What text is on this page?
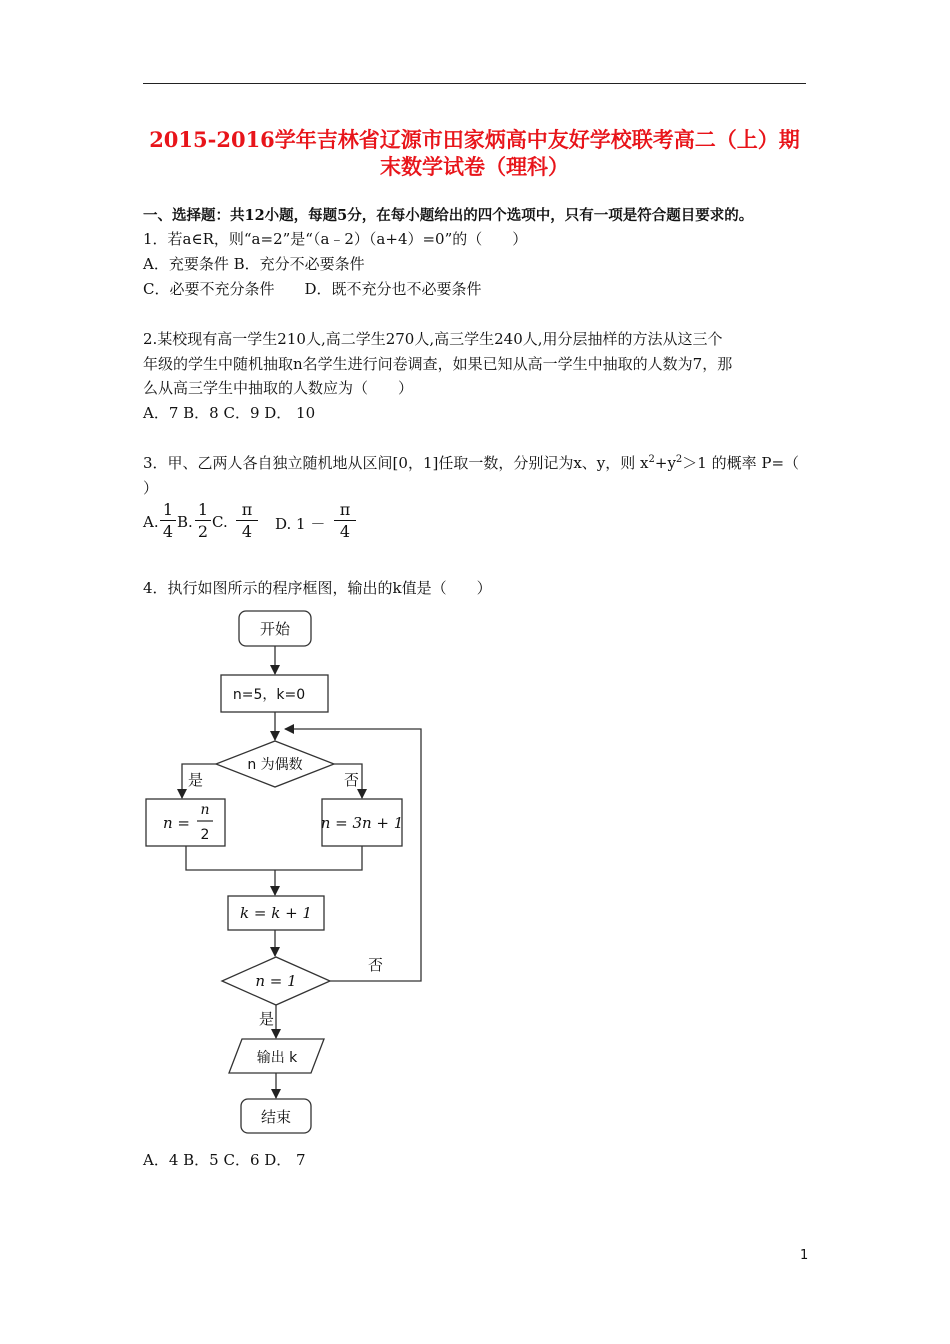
2015-2016学年吉林省辽源市田家炳高中友好学校联考高二（上）期
末数学试卷（理科）
一、选择题：共12小题，每题5分，在每小题给出的四个选项中，只有一项是符合题目要求的。
1．若a∈R，则“a=2”是“（a﹣2）（a+4）=0”的（　　）
A．充要条件 B．充分不必要条件
C．必要不充分条件　　D．既不充分也不必要条件
2.某校现有高一学生210人,高二学生270人,高三学生240人,用分层抽样的方法从这三个
年级的学生中随机抽取n名学生进行问卷调查，如果已知从高一学生中抽取的人数为7，那
么从高三学生中抽取的人数应为（　　）
A．7 B．8 C．9 D． 10
3．甲、乙两人各自独立随机地从区间[0，1]任取一数，分别记为x、y，则 $x^2+y^2>1$ 的概率 P=（
）
A.
1
4 B.
1
2 C.
π
4	D. 1 －
π
4
4．执行如图所示的程序框图，输出的k值是（　　）
开始
n=5，k=0
n 为偶数
是	否
n =
n
2
n = 3n + 1
k = k + 1
n = 1
否
是
输出 k
结束
A．4 B．5 C．6 D． 7
1
